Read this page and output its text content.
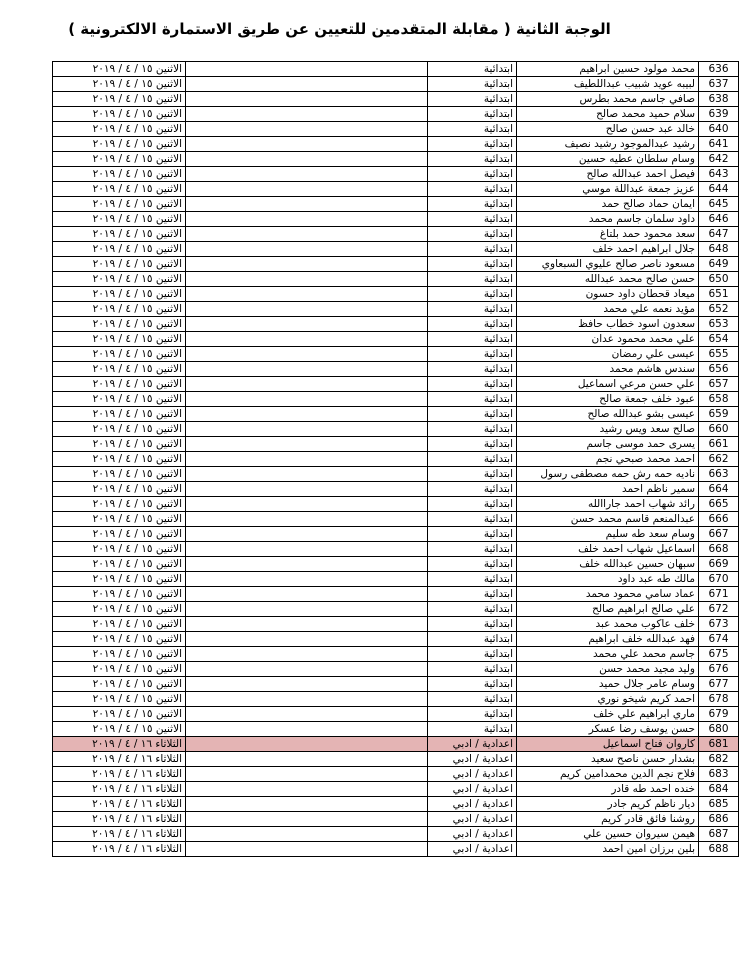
الوجبة الثانية ( مقابلة المتقدمين للتعيين عن طريق الاستمارة الالكترونية )
الاثنين ١٥ / ٤ / ٢٠١٩		ابتدائية	محمد مولود حسين ابراهيم	636
الاثنين ١٥ / ٤ / ٢٠١٩		ابتدائية	لبيبه عويد شبيب عبداللطيف	637
الاثنين ١٥ / ٤ / ٢٠١٩		ابتدائية	صافي جاسم محمد بطرس	638
الاثنين ١٥ / ٤ / ٢٠١٩		ابتدائية	سلام حميد محمد صالح	639
الاثنين ١٥ / ٤ / ٢٠١٩		ابتدائية	خالد عبد حسن صالح	640
الاثنين ١٥ / ٤ / ٢٠١٩		ابتدائية	رشيد عبدالموجود رشيد نصيف	641
الاثنين ١٥ / ٤ / ٢٠١٩		ابتدائية	وسام سلطان عطيه حسين	642
الاثنين ١٥ / ٤ / ٢٠١٩		ابتدائية	فيصل احمد عبدالله صالح	643
الاثنين ١٥ / ٤ / ٢٠١٩		ابتدائية	عزيز جمعة عبداللة موسي	644
الاثنين ١٥ / ٤ / ٢٠١٩		ابتدائية	ايمان حماد صالح حمد	645
الاثنين ١٥ / ٤ / ٢٠١٩		ابتدائية	داود سلمان جاسم محمد	646
الاثنين ١٥ / ٤ / ٢٠١٩		ابتدائية	سعد محمود حمد بلتاغ	647
الاثنين ١٥ / ٤ / ٢٠١٩		ابتدائية	جلال ابراهيم احمد خلف	648
الاثنين ١٥ / ٤ / ٢٠١٩		ابتدائية	مسعود ناصر صالح عليوي السبعاوي	649
الاثنين ١٥ / ٤ / ٢٠١٩		ابتدائية	حسن صالح محمد عبدالله	650
الاثنين ١٥ / ٤ / ٢٠١٩		ابتدائية	ميعاد قحطان داود حسون	651
الاثنين ١٥ / ٤ / ٢٠١٩		ابتدائية	مؤيد نعمه علي محمد	652
الاثنين ١٥ / ٤ / ٢٠١٩		ابتدائية	سعدون اسود خطاب حافظ	653
الاثنين ١٥ / ٤ / ٢٠١٩		ابتدائية	علي محمد محمود عدان	654
الاثنين ١٥ / ٤ / ٢٠١٩		ابتدائية	عيسى علي رمضان	655
الاثنين ١٥ / ٤ / ٢٠١٩		ابتدائية	سندس هاشم محمد	656
الاثنين ١٥ / ٤ / ٢٠١٩		ابتدائية	علي حسن مرعي اسماعيل	657
الاثنين ١٥ / ٤ / ٢٠١٩		ابتدائية	عبود خلف جمعة صالح	658
الاثنين ١٥ / ٤ / ٢٠١٩		ابتدائية	عيسى بشو عبدالله صالح	659
الاثنين ١٥ / ٤ / ٢٠١٩		ابتدائية	صالح سعد ويس رشيد	660
الاثنين ١٥ / ٤ / ٢٠١٩		ابتدائية	يسرى حمد موسى جاسم	661
الاثنين ١٥ / ٤ / ٢٠١٩		ابتدائية	احمد محمد صبحي نجم	662
الاثنين ١٥ / ٤ / ٢٠١٩		ابتدائية	ناديه حمه رش حمه مصطفى رسول	663
الاثنين ١٥ / ٤ / ٢٠١٩		ابتدائية	سمير ناظم احمد	664
الاثنين ١٥ / ٤ / ٢٠١٩		ابتدائية	رائد شهاب احمد جاراالله	665
الاثنين ١٥ / ٤ / ٢٠١٩		ابتدائية	عبدالمنعم قاسم محمد حسن	666
الاثنين ١٥ / ٤ / ٢٠١٩		ابتدائية	وسام سعد طه سليم	667
الاثنين ١٥ / ٤ / ٢٠١٩		ابتدائية	اسماعيل شهاب احمد خلف	668
الاثنين ١٥ / ٤ / ٢٠١٩		ابتدائية	سبهان حسين عبدالله خلف	669
الاثنين ١٥ / ٤ / ٢٠١٩		ابتدائية	مالك طه عبد داود	670
الاثنين ١٥ / ٤ / ٢٠١٩		ابتدائية	عماد سامي محمود محمد	671
الاثنين ١٥ / ٤ / ٢٠١٩		ابتدائية	علي صالح ابراهيم صالح	672
الاثنين ١٥ / ٤ / ٢٠١٩		ابتدائية	خلف عاكوب محمد عبد	673
الاثنين ١٥ / ٤ / ٢٠١٩		ابتدائية	فهد عبدالله خلف ابراهيم	674
الاثنين ١٥ / ٤ / ٢٠١٩		ابتدائية	جاسم محمد علي محمد	675
الاثنين ١٥ / ٤ / ٢٠١٩		ابتدائية	وليد مجيد محمد حسن	676
الاثنين ١٥ / ٤ / ٢٠١٩		ابتدائية	وسام عامر جلال حميد	677
الاثنين ١٥ / ٤ / ٢٠١٩		ابتدائية	احمد كريم شيخو نوري	678
الاثنين ١٥ / ٤ / ٢٠١٩		ابتدائية	ماري ابراهيم علي خلف	679
الاثنين ١٥ / ٤ / ٢٠١٩		ابتدائية	حسن يوسف رضا عسكر	680
الثلاثاء ١٦ / ٤ / ٢٠١٩		اعدادية / ادبي	كاروان فتاح اسماعيل	681
الثلاثاء ١٦ / ٤ / ٢٠١٩		اعدادية / ادبي	بشدار حسن ناصح سعيد	682
الثلاثاء ١٦ / ٤ / ٢٠١٩		اعدادية / ادبي	فلاح نجم الدين محمدامين كريم	683
الثلاثاء ١٦ / ٤ / ٢٠١٩		اعدادية / ادبي	خنده احمد طه قادر	684
الثلاثاء ١٦ / ٤ / ٢٠١٩		اعدادية / ادبي	ديار ناظم كريم جادر	685
الثلاثاء ١٦ / ٤ / ٢٠١٩		اعدادية / ادبي	روشنا فائق قادر كريم	686
الثلاثاء ١٦ / ٤ / ٢٠١٩		اعدادية / ادبي	هيمن سيروان حسين علي	687
الثلاثاء ١٦ / ٤ / ٢٠١٩		اعدادية / ادبي	بلين برزان امين احمد	688
